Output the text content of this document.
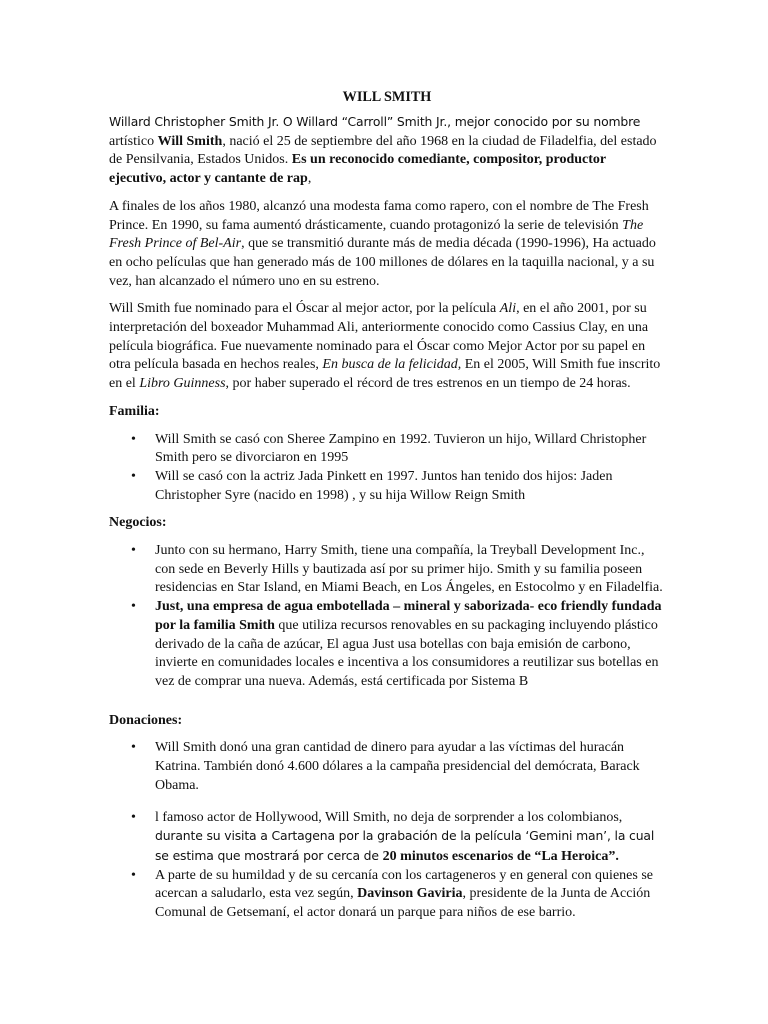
WILL SMITH

Willard Christopher Smith Jr. O Willard “Carroll” Smith Jr., mejor conocido por su nombre
artístico Will Smith, nació el 25 de septiembre del año 1968 en la ciudad de Filadelfia, del estado de Pensilvania, Estados Unidos. Es un reconocido comediante, compositor, productor ejecutivo, actor y cantante de rap,

A finales de los años 1980, alcanzó una modesta fama como rapero, con el nombre de The Fresh Prince. En 1990, su fama aumentó drásticamente, cuando protagonizó la serie de televisión The Fresh Prince of Bel-Air, que se transmitió durante más de media década (1990-1996), Ha actuado en ocho películas que han generado más de 100 millones de dólares en la taquilla nacional, y a su vez, han alcanzado el número uno en su estreno.

Will Smith fue nominado para el Óscar al mejor actor, por la película Ali, en el año 2001, por su interpretación del boxeador Muhammad Ali, anteriormente conocido como Cassius Clay, en una película biográfica. Fue nuevamente nominado para el Óscar como Mejor Actor por su papel en otra película basada en hechos reales, En busca de la felicidad, En el 2005, Will Smith fue inscrito en el Libro Guinness, por haber superado el récord de tres estrenos en un tiempo de 24 horas.

Familia:
• Will Smith se casó con Sheree Zampino en 1992. Tuvieron un hijo, Willard Christopher Smith pero se divorciaron en 1995
• Will se casó con la actriz Jada Pinkett en 1997. Juntos han tenido dos hijos: Jaden Christopher Syre (nacido en 1998) , y su hija Willow Reign Smith
Negocios:
• Junto con su hermano, Harry Smith, tiene una compañía, la Treyball Development Inc., con sede en Beverly Hills y bautizada así por su primer hijo. Smith y su familia poseen residencias en Star Island, en Miami Beach, en Los Ángeles, en Estocolmo y en Filadelfia.
• Just, una empresa de agua embotellada – mineral y saborizada- eco friendly fundada por la familia Smith que utiliza recursos renovables en su packaging incluyendo plástico derivado de la caña de azúcar, El agua Just usa botellas con baja emisión de carbono, invierte en comunidades locales e incentiva a los consumidores a reutilizar sus botellas en vez de comprar una nueva. Además, está certificada por Sistema B
Donaciones:
• Will Smith donó una gran cantidad de dinero para ayudar a las víctimas del huracán Katrina. También donó 4.600 dólares a la campaña presidencial del demócrata, Barack Obama.
• l famoso actor de Hollywood, Will Smith, no deja de sorprender a los colombianos, durante su visita a Cartagena por la grabación de la película ‘Gemini man’, la cual se estima que mostrará por cerca de 20 minutos escenarios de “La Heroica”.
• A parte de su humildad y de su cercanía con los cartageneros y en general con quienes se acercan a saludarlo, esta vez según, Davinson Gaviria, presidente de la Junta de Acción Comunal de Getsemaní, el actor donará un parque para niños de ese barrio.
